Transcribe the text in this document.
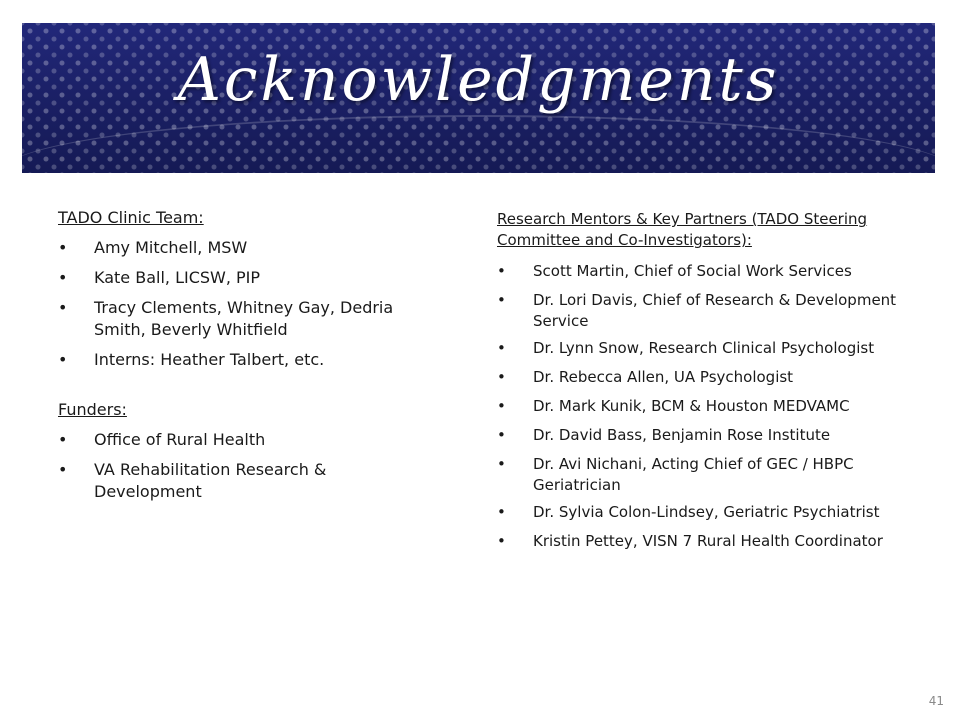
Acknowledgments
TADO Clinic Team:
• Amy Mitchell, MSW
• Kate Ball, LICSW, PIP
• Tracy Clements, Whitney Gay, Dedria Smith, Beverly Whitfield
• Interns: Heather Talbert, etc.
Funders:
• Office of Rural Health
• VA Rehabilitation Research & Development
Research Mentors & Key Partners (TADO Steering Committee and Co-Investigators):
• Scott Martin, Chief of Social Work Services
• Dr. Lori Davis, Chief of Research & Development Service
• Dr. Lynn Snow, Research Clinical Psychologist
• Dr. Rebecca Allen, UA Psychologist
• Dr. Mark Kunik, BCM & Houston MEDVAMC
• Dr. David Bass, Benjamin Rose Institute
• Dr. Avi Nichani, Acting Chief of GEC / HBPC Geriatrician
• Dr. Sylvia Colon-Lindsey, Geriatric Psychiatrist
• Kristin Pettey, VISN 7 Rural Health Coordinator
41
